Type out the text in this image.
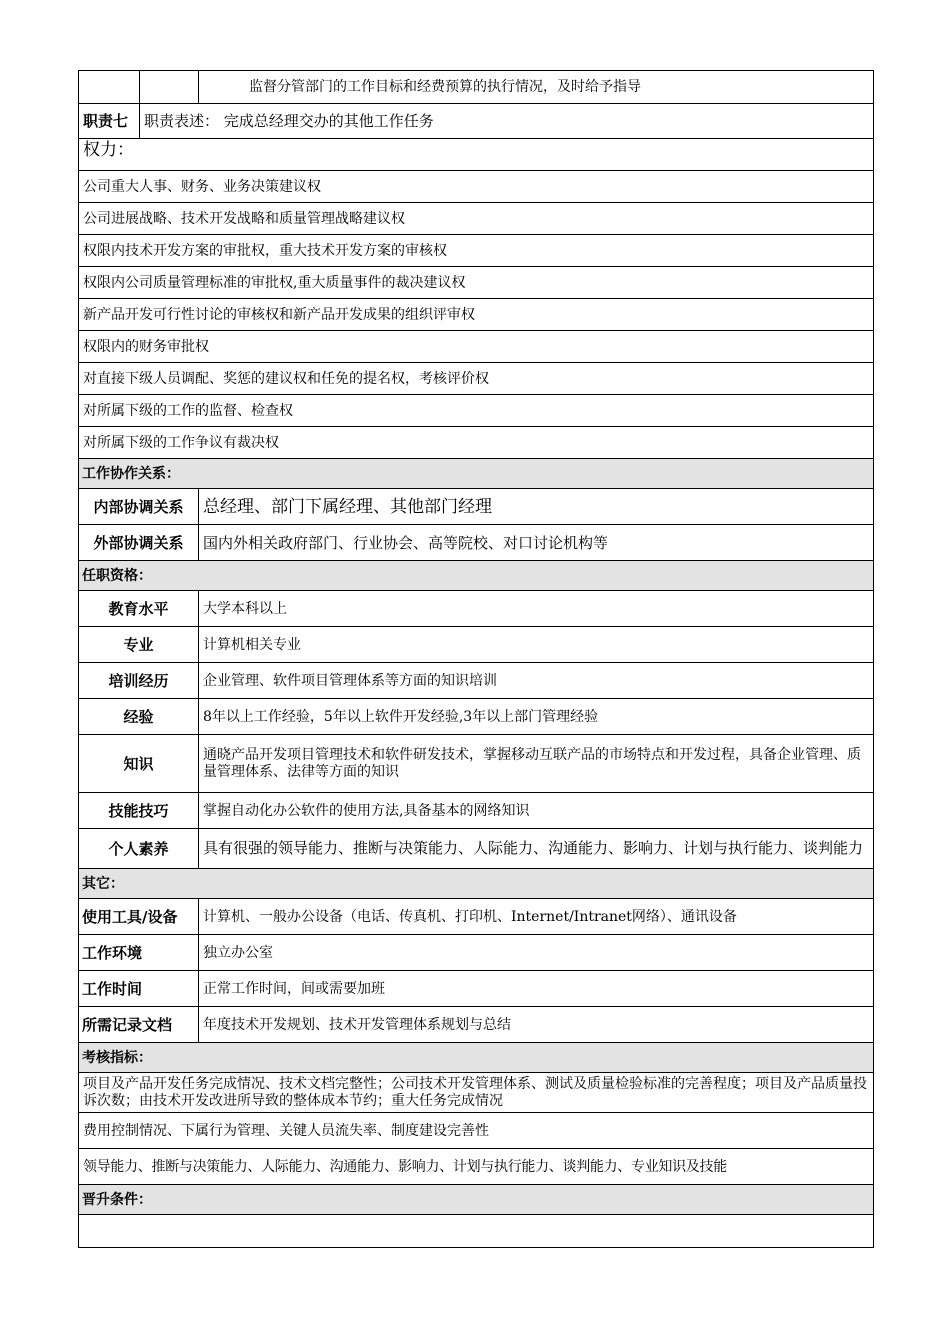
		监督分管部门的工作目标和经费预算的执行情况，及时给予指导
职责七	职责表述： 完成总经理交办的其他工作任务	
权力：		
公司重大人事、财务、业务决策建议权		
公司进展战略、技术开发战略和质量管理战略建议权		
权限内技术开发方案的审批权，重大技术开发方案的审核权		
权限内公司质量管理标准的审批权,重大质量事件的裁决建议权		
新产品开发可行性讨论的审核权和新产品开发成果的组织评审权		
权限内的财务审批权		
对直接下级人员调配、奖惩的建议权和任免的提名权，考核评价权		
对所属下级的工作的监督、检查权		
对所属下级的工作争议有裁决权		
工作协作关系：		
内部协调关系		总经理、部门下属经理、其他部门经理
外部协调关系		国内外相关政府部门、行业协会、高等院校、对口讨论机构等
任职资格：		
教育水平		大学本科以上
专业		计算机相关专业
培训经历		企业管理、软件项目管理体系等方面的知识培训
经验		8年以上工作经验，5年以上软件开发经验,3年以上部门管理经验
知识		通晓产品开发项目管理技术和软件研发技术，掌握移动互联产品的市场特点和开发过程，具备企业管理、质量管理体系、法律等方面的知识
技能技巧		掌握自动化办公软件的使用方法,具备基本的网络知识
个人素养		具有很强的领导能力、推断与决策能力、人际能力、沟通能力、影响力、计划与执行能力、谈判能力
其它：		
使用工具/设备		计算机、一般办公设备（电话、传真机、打印机、Internet/Intranet网络）、通讯设备
工作环境		独立办公室
工作时间		正常工作时间，间或需要加班
所需记录文档		年度技术开发规划、技术开发管理体系规划与总结
考核指标：		
项目及产品开发任务完成情况、技术文档完整性；公司技术开发管理体系、测试及质量检验标准的完善程度；项目及产品质量投诉次数；由技术开发改进所导致的整体成本节约；重大任务完成情况		
费用控制情况、下属行为管理、关键人员流失率、制度建设完善性		
领导能力、推断与决策能力、人际能力、沟通能力、影响力、计划与执行能力、谈判能力、专业知识及技能		
晋升条件：		
